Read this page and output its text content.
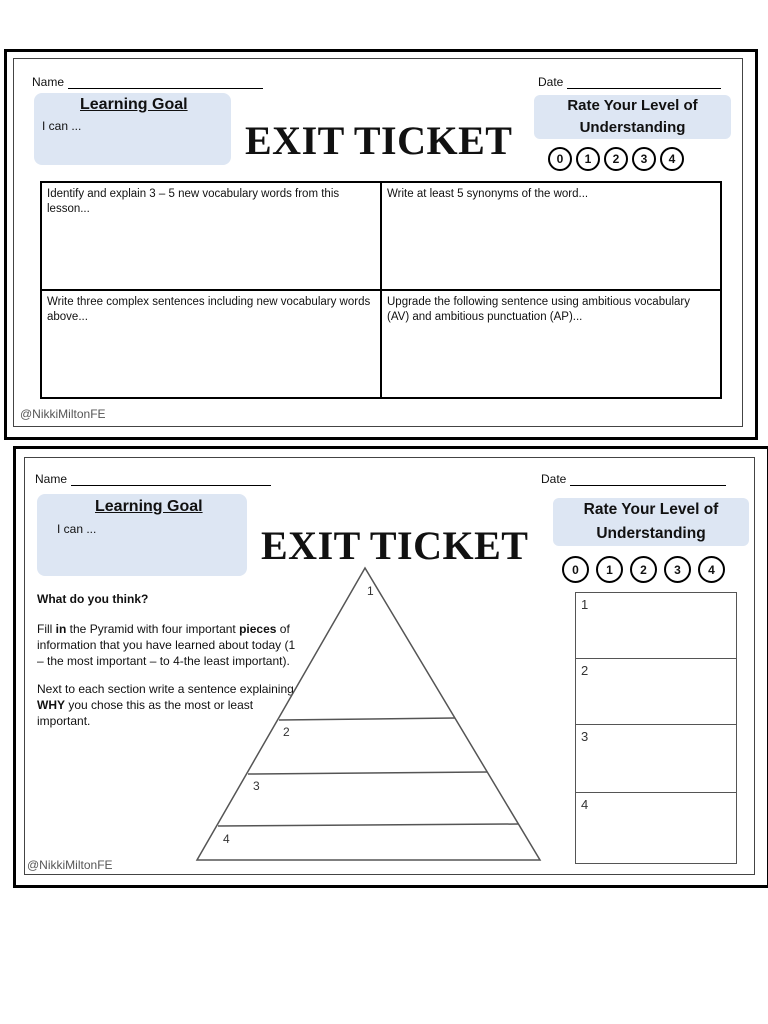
Name	Date
Learning Goal
I can ...	EXIT TICKET
Rate Your Level of
Understanding
0	1	2	3	4
Identify and explain 3 – 5 new vocabulary words from this lesson...
Write at least 5 synonyms of the word...
Write three complex sentences including new vocabulary words above...
Upgrade the following sentence using ambitious vocabulary (AV) and ambitious punctuation (AP)...
@NikkiMiltonFE
Name	Date
Learning Goal
I can ...	EXIT TICKET
Rate Your Level of
Understanding
0	1	2	3	4

What do you think?

Fill in the Pyramid with four important pieces of information that you have learned about today (1 – the most important – to 4-the least important).

Next to each section write a sentence explaining WHY you chose this as the most or least important.

1
2
3
4
1
2
3
4
@NikkiMiltonFE
